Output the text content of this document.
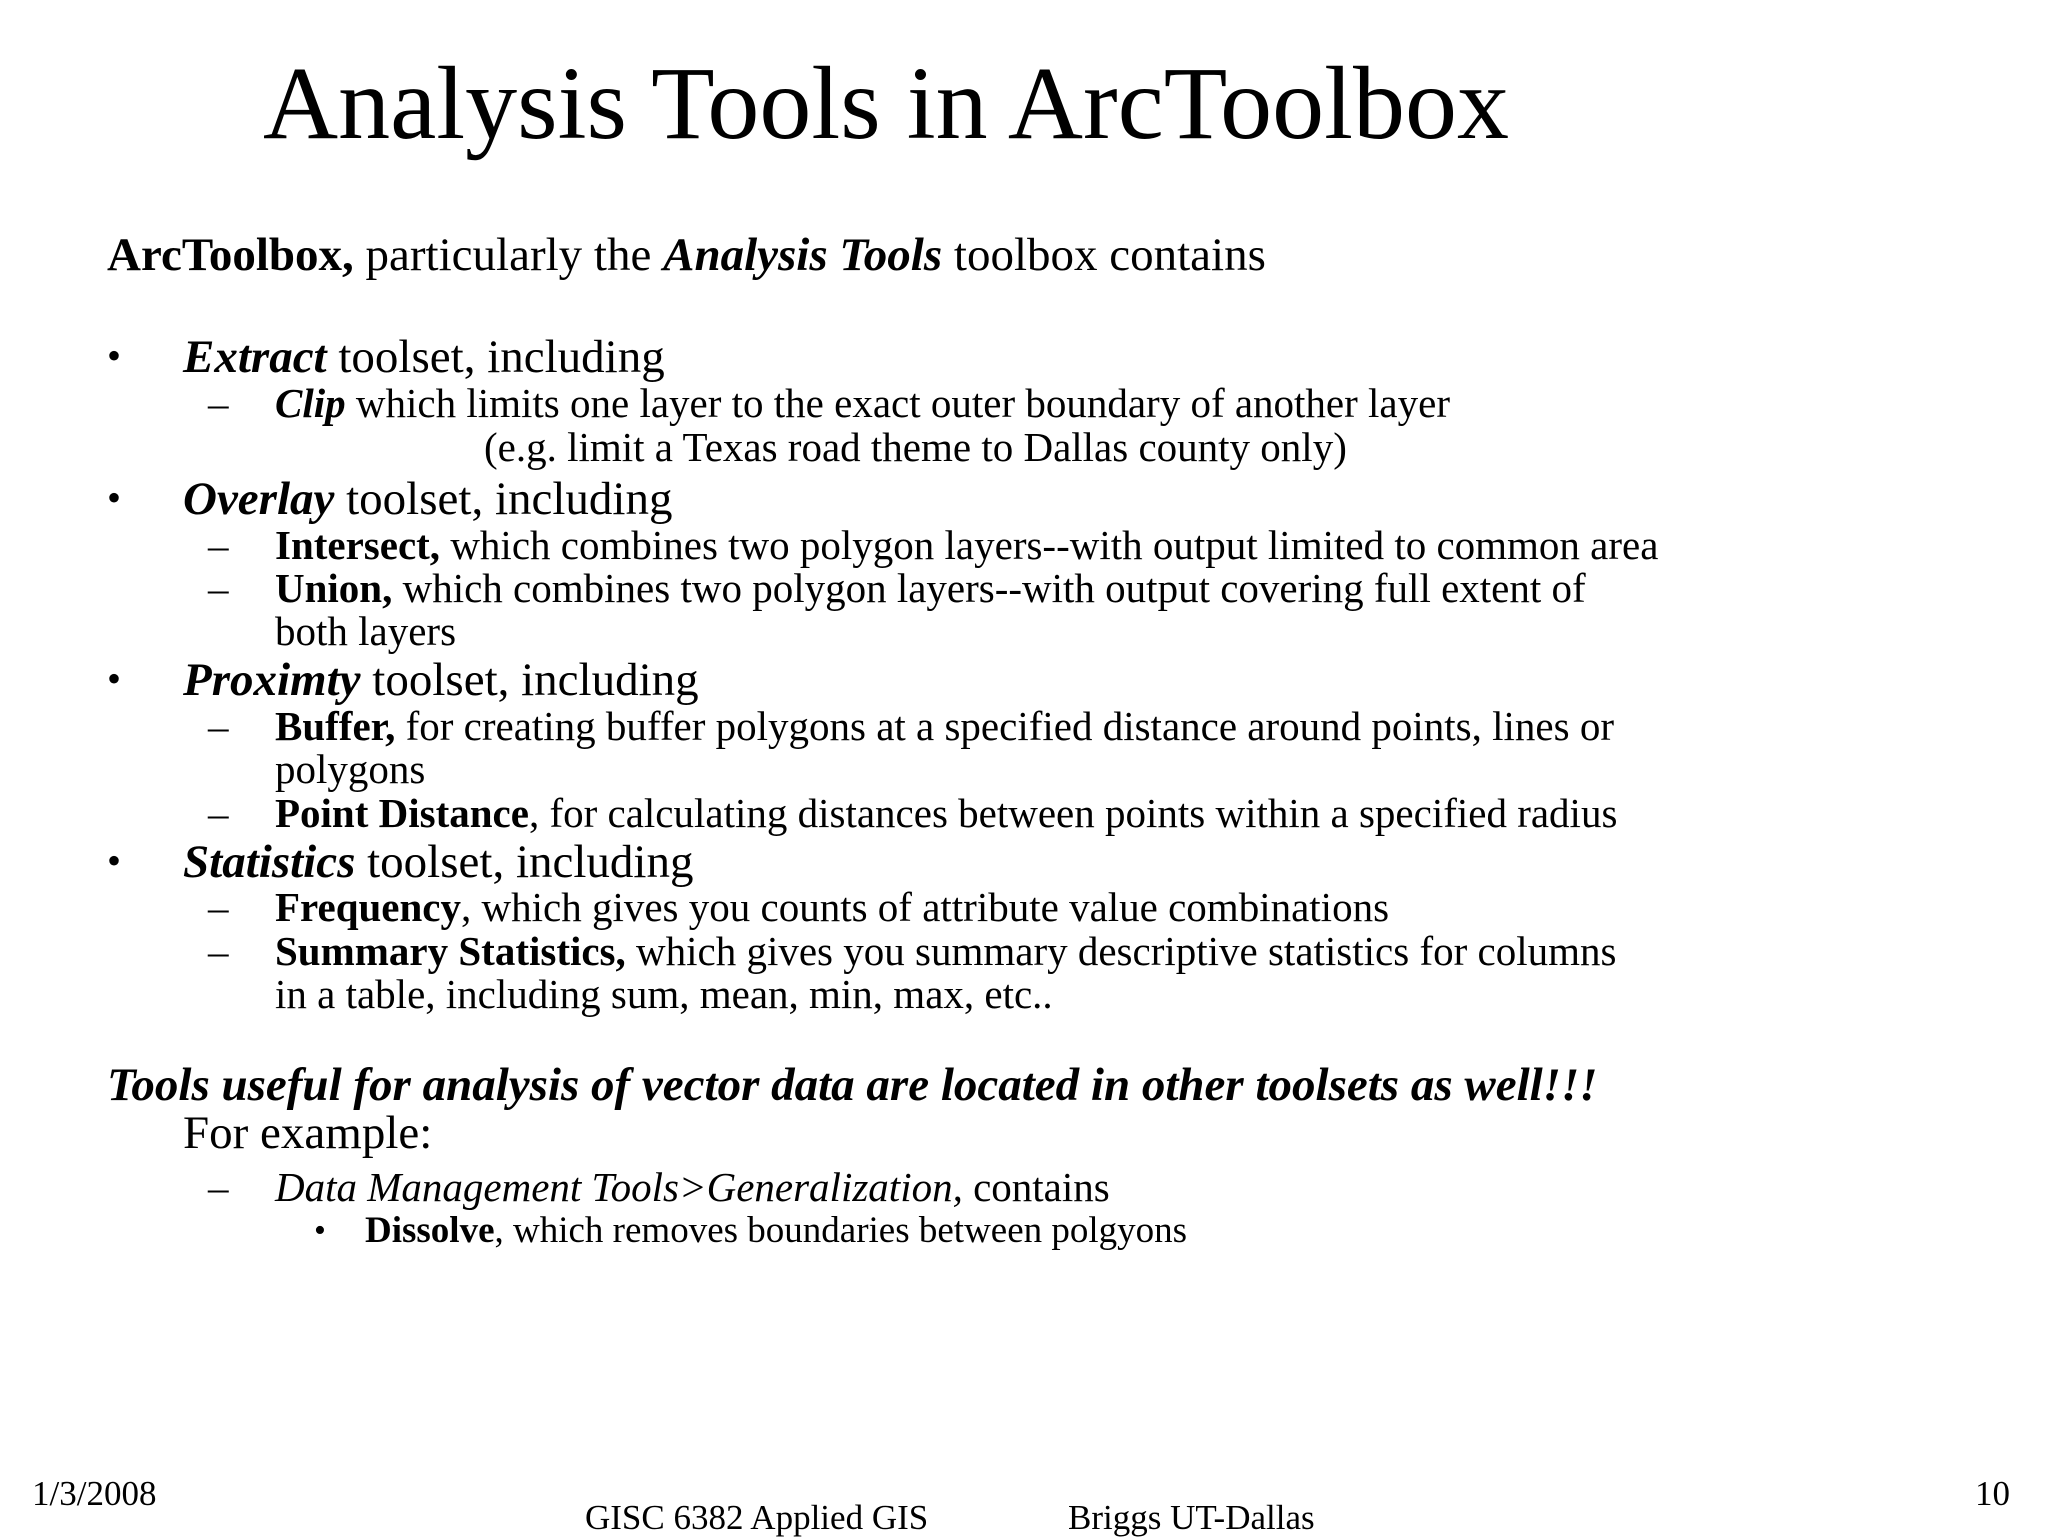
Analysis Tools in ArcToolbox
ArcToolbox, particularly the Analysis Tools toolbox contains
• Extract toolset, including
– Clip which limits one layer to the exact outer boundary of another layer
(e.g. limit a Texas road theme to Dallas county only)
• Overlay toolset, including
– Intersect, which combines two polygon layers--with output limited to common area
– Union, which combines two polygon layers--with output covering full extent of
both layers
• Proximty toolset, including
– Buffer, for creating buffer polygons at a specified distance around points, lines or
polygons
– Point Distance, for calculating distances between points within a specified radius
• Statistics toolset, including
– Frequency, which gives you counts of attribute value combinations
– Summary Statistics, which gives you summary descriptive statistics for columns
in a table, including sum, mean, min, max, etc..
Tools useful for analysis of vector data are located in other toolsets as well!!!
For example:
– Data Management Tools>Generalization, contains
• Dissolve, which removes boundaries between polgyons
1/3/2008
GISC 6382 Applied GIS	Briggs UT-Dallas
10
